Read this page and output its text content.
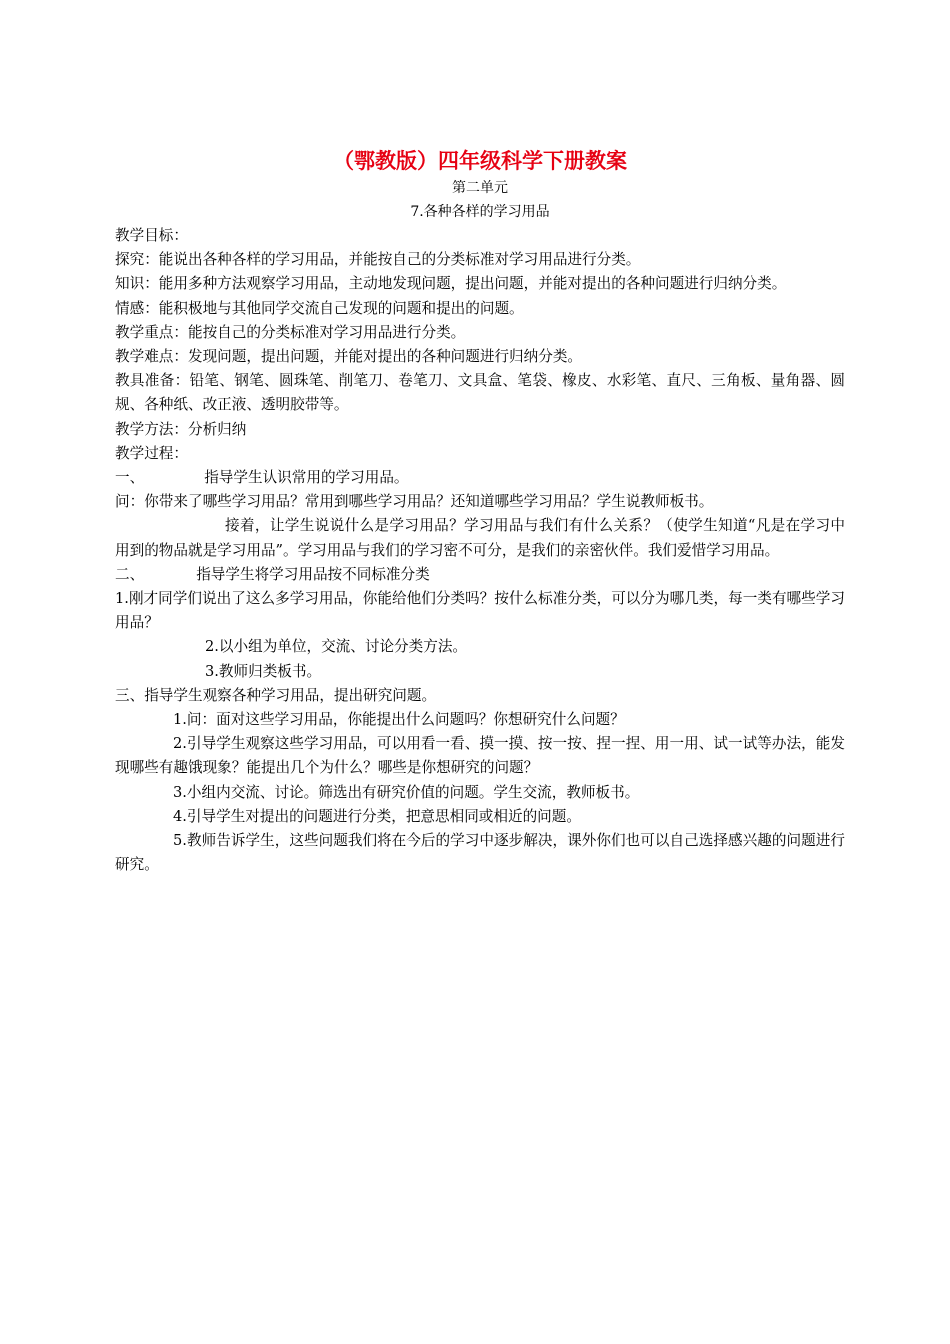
（鄂教版）四年级科学下册教案

第二单元

7.各种各样的学习用品

教学目标：

探究：能说出各种各样的学习用品，并能按自己的分类标准对学习用品进行分类。

知识：能用多种方法观察学习用品，主动地发现问题，提出问题，并能对提出的各种问题进行归纳分类。

情感：能积极地与其他同学交流自己发现的问题和提出的问题。

教学重点：能按自己的分类标准对学习用品进行分类。

教学难点：发现问题，提出问题，并能对提出的各种问题进行归纳分类。

教具准备：铅笔、钢笔、圆珠笔、削笔刀、卷笔刀、文具盒、笔袋、橡皮、水彩笔、直尺、三角板、量角器、圆规、各种纸、改正液、透明胶带等。

教学方法：分析归纳

教学过程：

一、	指导学生认识常用的学习用品。

问：你带来了哪些学习用品？常用到哪些学习用品？还知道哪些学习用品？学生说教师板书。

接着，让学生说说什么是学习用品？学习用品与我们有什么关系？（使学生知道“凡是在学习中用到的物品就是学习用品”。学习用品与我们的学习密不可分，是我们的亲密伙伴。我们爱惜学习用品。

二、	指导学生将学习用品按不同标准分类

1.刚才同学们说出了这么多学习用品，你能给他们分类吗？按什么标准分类，可以分为哪几类，每一类有哪些学习用品？

2.以小组为单位，交流、讨论分类方法。

3.教师归类板书。

三、指导学生观察各种学习用品，提出研究问题。

1.问：面对这些学习用品，你能提出什么问题吗？你想研究什么问题？

2.引导学生观察这些学习用品，可以用看一看、摸一摸、按一按、捏一捏、用一用、试一试等办法，能发现哪些有趣饿现象？能提出几个为什么？哪些是你想研究的问题？

3.小组内交流、讨论。筛选出有研究价值的问题。学生交流，教师板书。

4.引导学生对提出的问题进行分类，把意思相同或相近的问题。

5.教师告诉学生，这些问题我们将在今后的学习中逐步解决，课外你们也可以自己选择感兴趣的问题进行研究。
